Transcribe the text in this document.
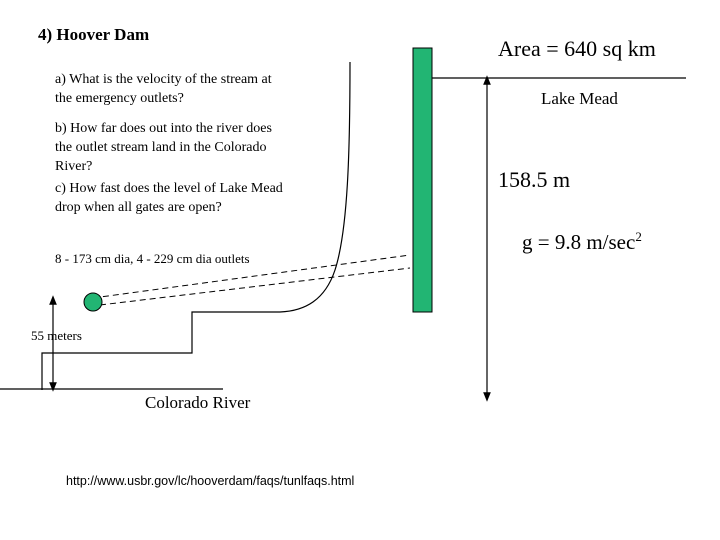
4) Hoover Dam
a) What is the velocity of the stream at the emergency outlets?
b) How far does out into the river does the outlet stream land in the Colorado River?
c) How fast does the level of Lake Mead drop when all gates are open?
8 - 173 cm dia, 4 - 229 cm dia outlets
Area = 640 sq km
Lake Mead
158.5 m
g = 9.8 $m/\sec^2$
55 meters
Colorado River
http://www.usbr.gov/lc/hooverdam/faqs/tunlfaqs.html
